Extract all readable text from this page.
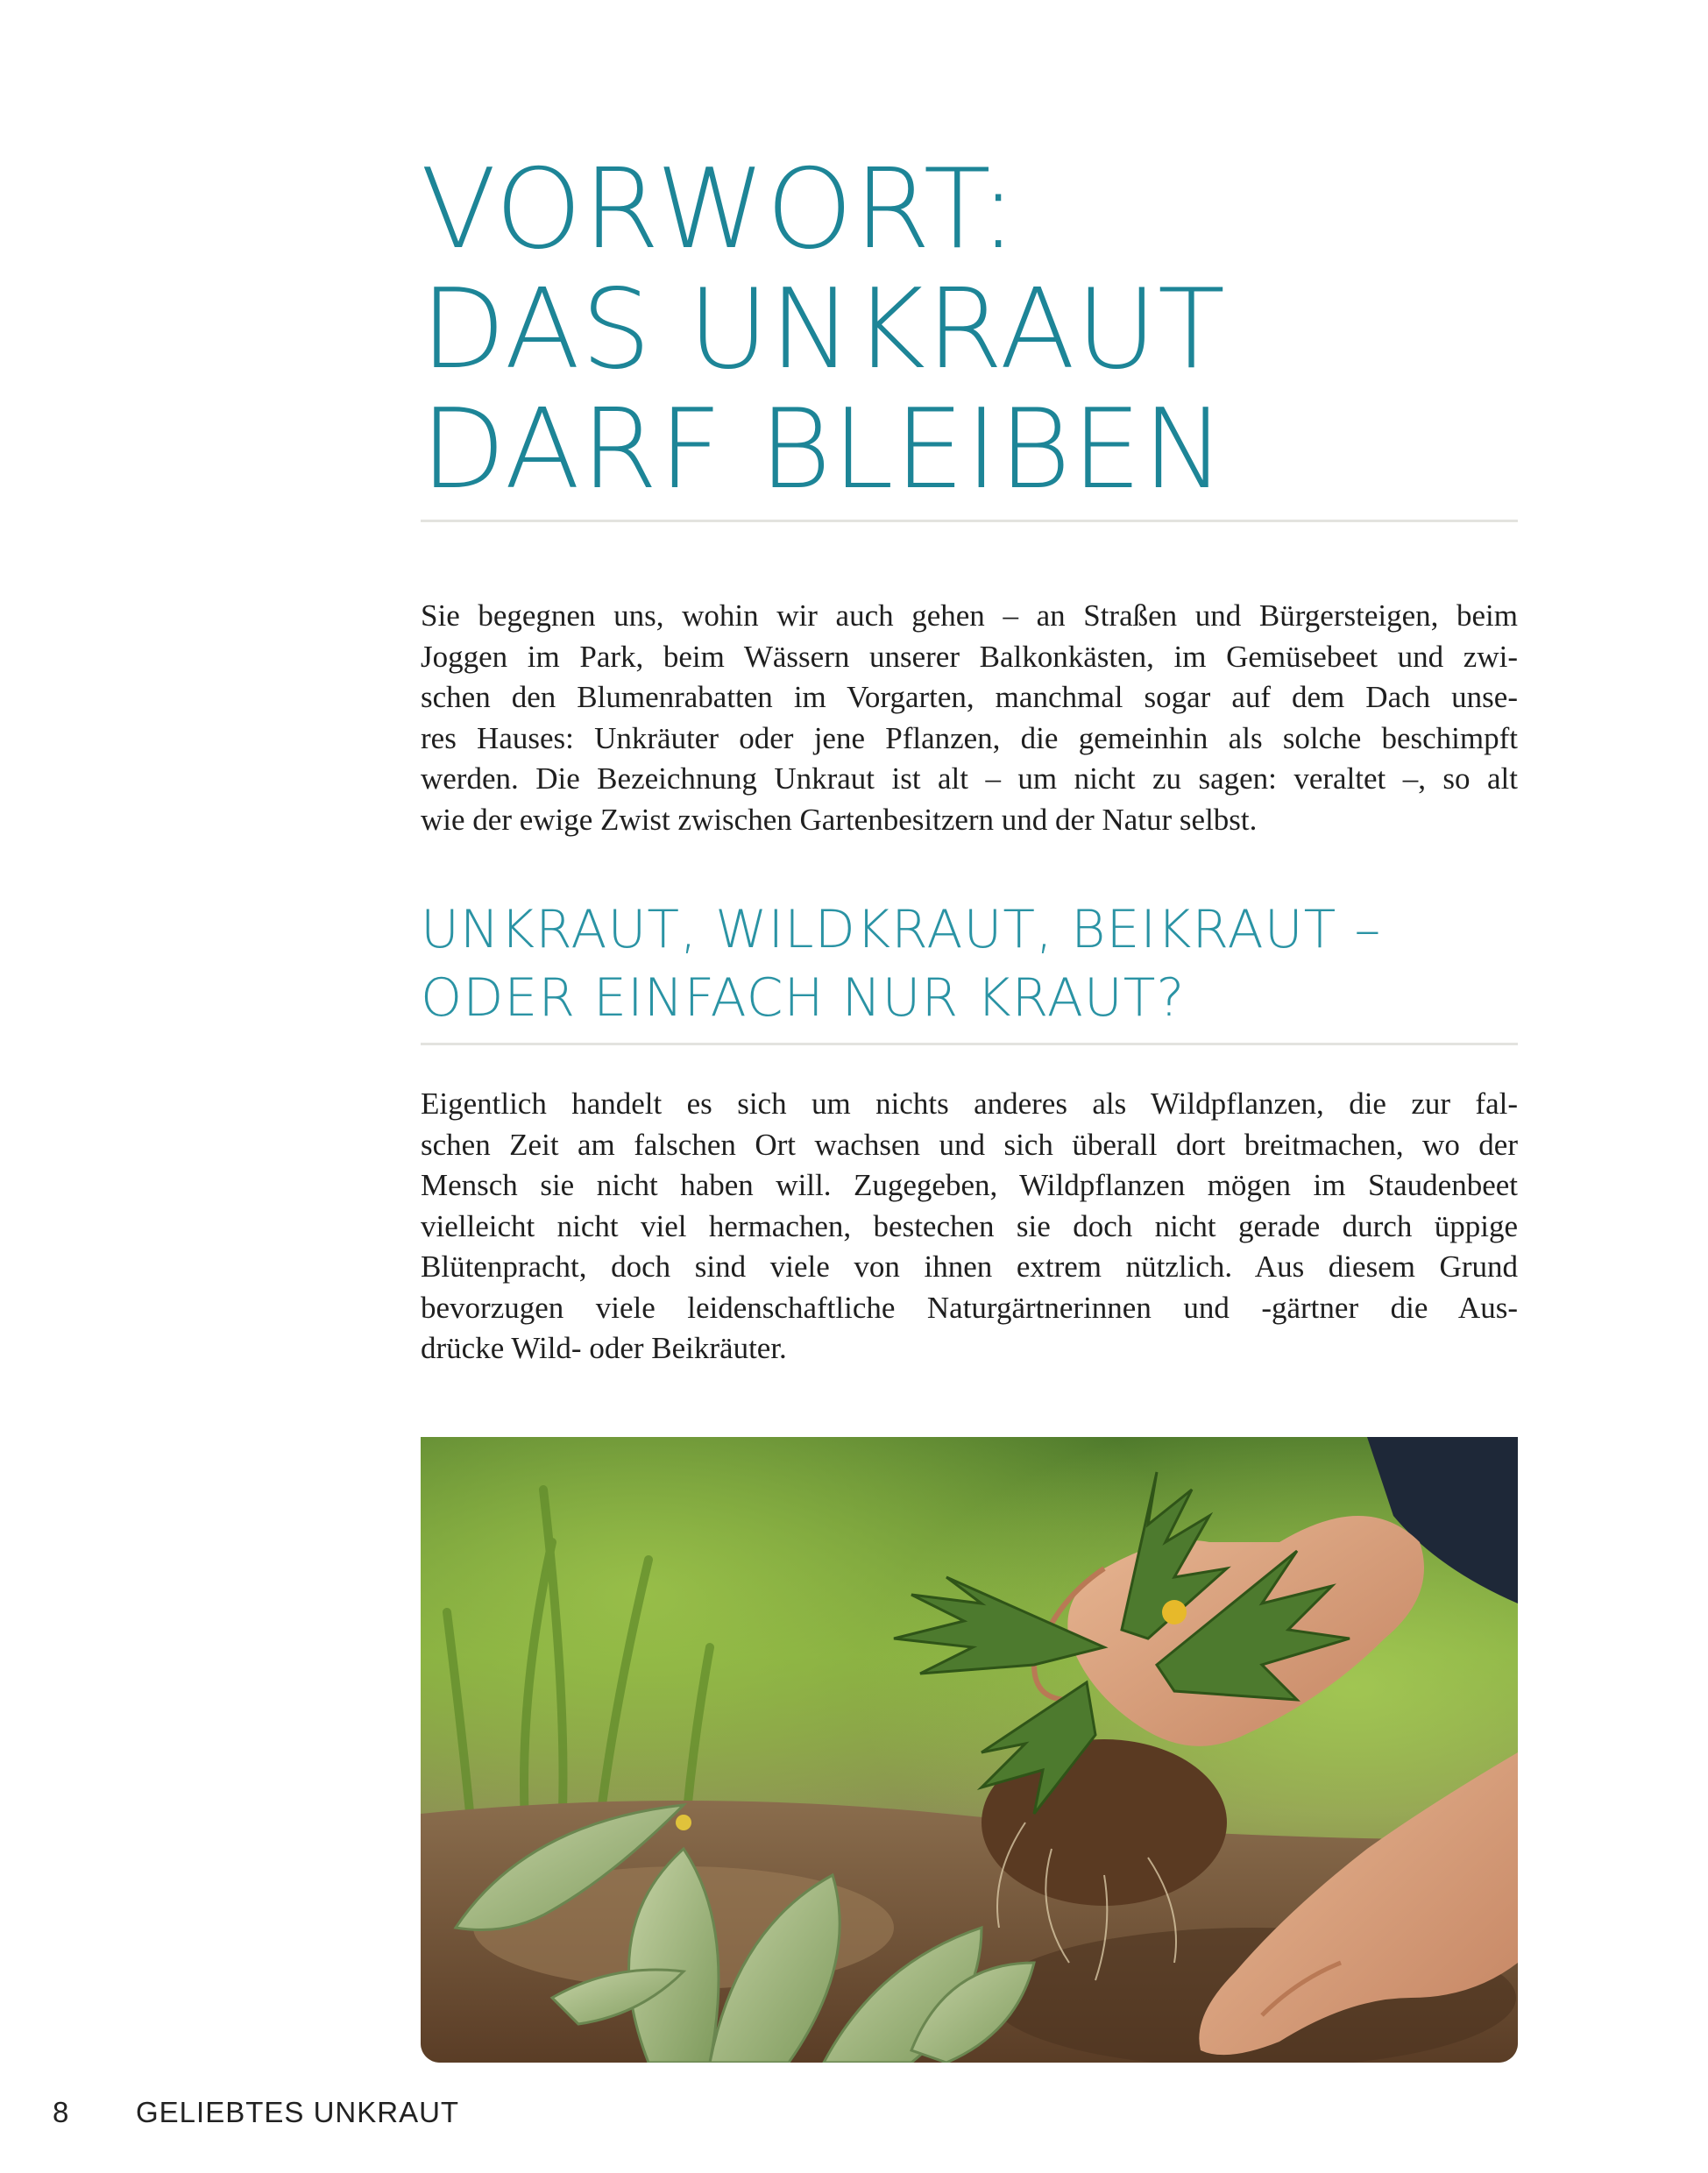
VORWORT:
DAS UNKRAUT
DARF BLEIBEN

Sie begegnen uns, wohin wir auch gehen – an Straßen und Bürgersteigen, beim
Joggen im Park, beim Wässern unserer Balkonkästen, im Gemüsebeet und zwi-
schen den Blumenrabatten im Vorgarten, manchmal sogar auf dem Dach unse-
res Hauses: Unkräuter oder jene Pflanzen, die gemeinhin als solche beschimpft
werden. Die Bezeichnung Unkraut ist alt – um nicht zu sagen: veraltet –, so alt
wie der ewige Zwist zwischen Gartenbesitzern und der Natur selbst.

UNKRAUT, WILDKRAUT, BEIKRAUT –
ODER EINFACH NUR KRAUT?

Eigentlich handelt es sich um nichts anderes als Wildpflanzen, die zur fal-
schen Zeit am falschen Ort wachsen und sich überall dort breitmachen, wo der
Mensch sie nicht haben will. Zugegeben, Wildpflanzen mögen im Staudenbeet
vielleicht nicht viel hermachen, bestechen sie doch nicht gerade durch üppige
Blütenpracht, doch sind viele von ihnen extrem nützlich. Aus diesem Grund
bevorzugen viele leidenschaftliche Naturgärtnerinnen und -gärtner die Aus-
drücke Wild- oder Beikräuter.

8 GELIEBTES UNKRAUT
